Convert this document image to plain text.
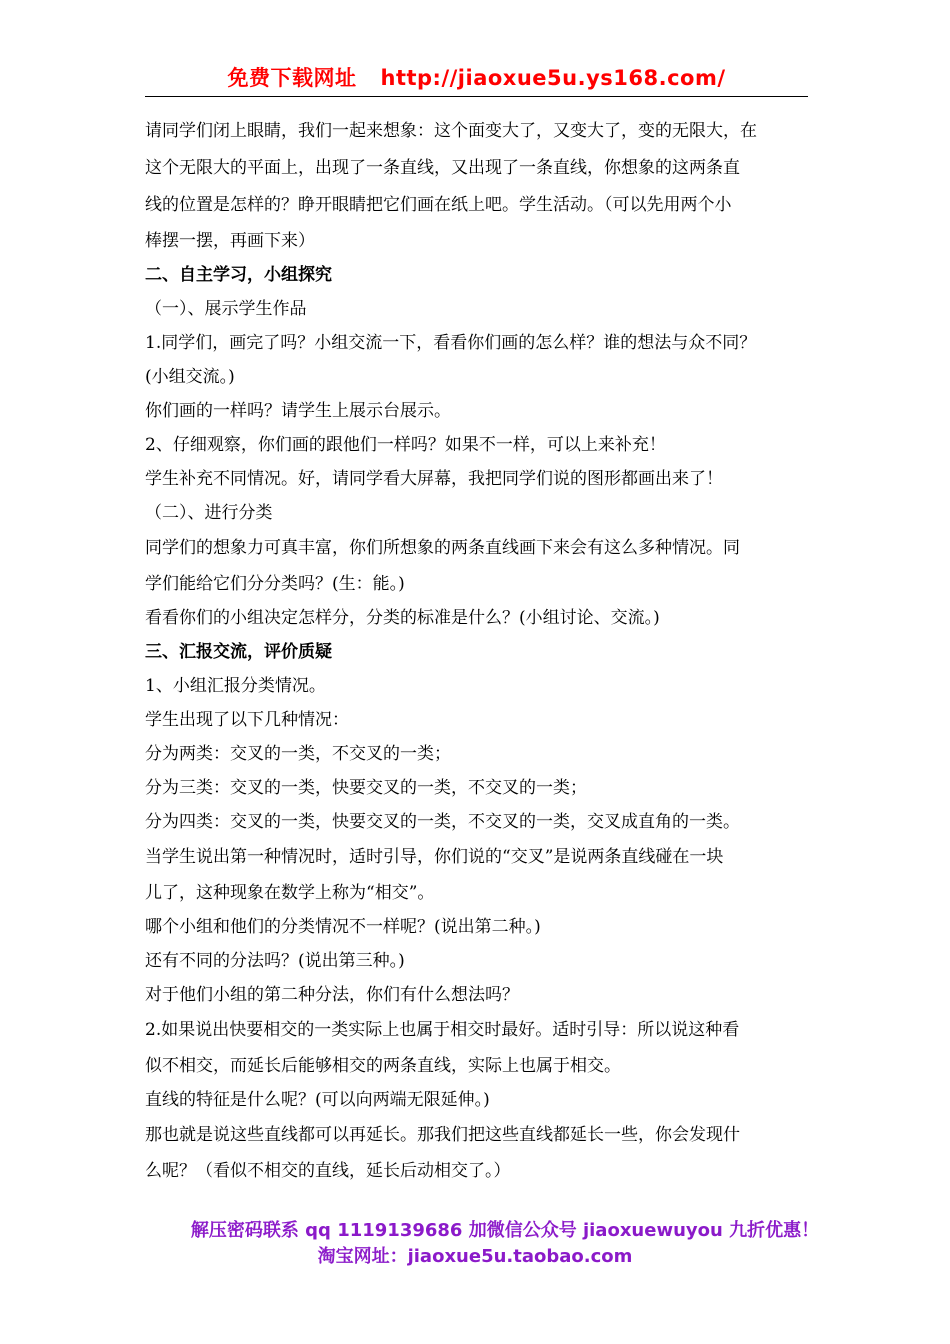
免费下载网址 http://jiaoxue5u.ys168.com/

请同学们闭上眼睛，我们一起来想象：这个面变大了，又变大了，变的无限大，在

这个无限大的平面上，出现了一条直线，又出现了一条直线，你想象的这两条直

线的位置是怎样的？睁开眼睛把它们画在纸上吧。学生活动。（可以先用两个小

棒摆一摆，再画下来）

二、自主学习，小组探究

（一）、展示学生作品

1.同学们，画完了吗？小组交流一下，看看你们画的怎么样？谁的想法与众不同？

(小组交流。)

你们画的一样吗？请学生上展示台展示。

2、仔细观察，你们画的跟他们一样吗？如果不一样，可以上来补充！

学生补充不同情况。好，请同学看大屏幕，我把同学们说的图形都画出来了！

（二）、进行分类

同学们的想象力可真丰富，你们所想象的两条直线画下来会有这么多种情况。同

学们能给它们分分类吗？(生：能。)

看看你们的小组决定怎样分，分类的标准是什么？(小组讨论、交流。)

三、汇报交流，评价质疑

1、小组汇报分类情况。

学生出现了以下几种情况：

分为两类：交叉的一类，不交叉的一类；

分为三类：交叉的一类，快要交叉的一类，不交叉的一类；

分为四类：交叉的一类，快要交叉的一类，不交叉的一类，交叉成直角的一类。

当学生说出第一种情况时，适时引导，你们说的“交叉”是说两条直线碰在一块

儿了，这种现象在数学上称为“相交”。

哪个小组和他们的分类情况不一样呢？(说出第二种。)

还有不同的分法吗？(说出第三种。)

对于他们小组的第二种分法，你们有什么想法吗？

2.如果说出快要相交的一类实际上也属于相交时最好。适时引导：所以说这种看

似不相交，而延长后能够相交的两条直线，实际上也属于相交。

直线的特征是什么呢？(可以向两端无限延伸。)

那也就是说这些直线都可以再延长。那我们把这些直线都延长一些，你会发现什

么呢？（看似不相交的直线，延长后动相交了。）

解压密码联系 qq 1119139686 加微信公众号 jiaoxuewuyou 九折优惠！
淘宝网址：jiaoxue5u.taobao.com
